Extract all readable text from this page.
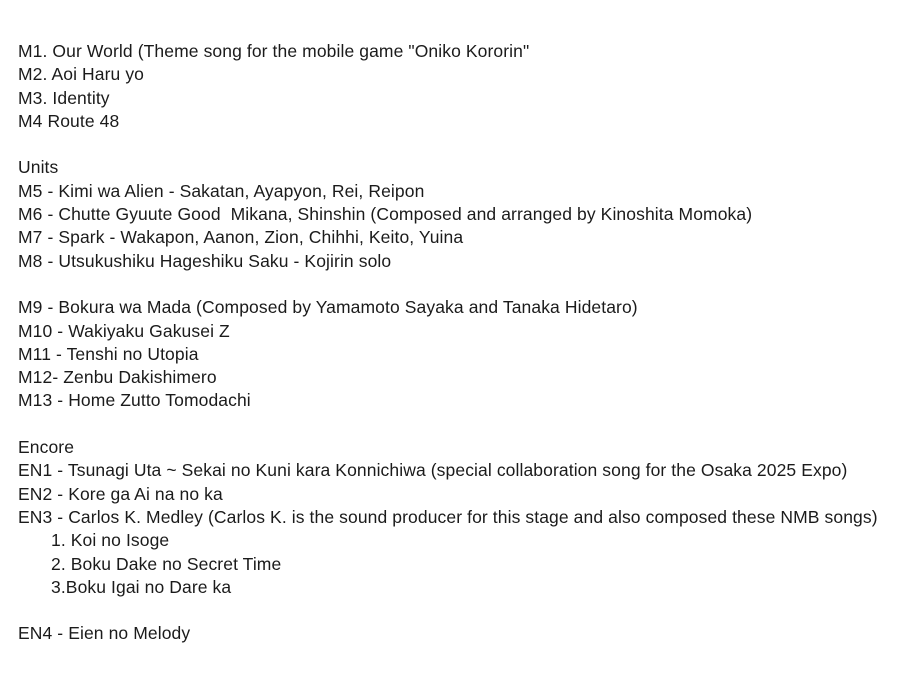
M1. Our World (Theme song for the mobile game "Oniko Kororin"
M2. Aoi Haru yo
M3. Identity
M4 Route 48
Units
M5 - Kimi wa Alien - Sakatan, Ayapyon, Rei, Reipon
M6 - Chutte Gyuute Good  Mikana, Shinshin (Composed and arranged by Kinoshita Momoka)
M7 - Spark - Wakapon, Aanon, Zion, Chihhi, Keito, Yuina
M8 - Utsukushiku Hageshiku Saku - Kojirin solo
M9 - Bokura wa Mada (Composed by Yamamoto Sayaka and Tanaka Hidetaro)
M10 - Wakiyaku Gakusei Z
M11 - Tenshi no Utopia
M12- Zenbu Dakishimero
M13 - Home Zutto Tomodachi
Encore
EN1 - Tsunagi Uta ~ Sekai no Kuni kara Konnichiwa (special collaboration song for the Osaka 2025 Expo)
EN2 - Kore ga Ai na no ka
EN3 - Carlos K. Medley (Carlos K. is the sound producer for this stage and also composed these NMB songs)
1. Koi no Isoge
2. Boku Dake no Secret Time
3.Boku Igai no Dare ka
EN4 - Eien no Melody
